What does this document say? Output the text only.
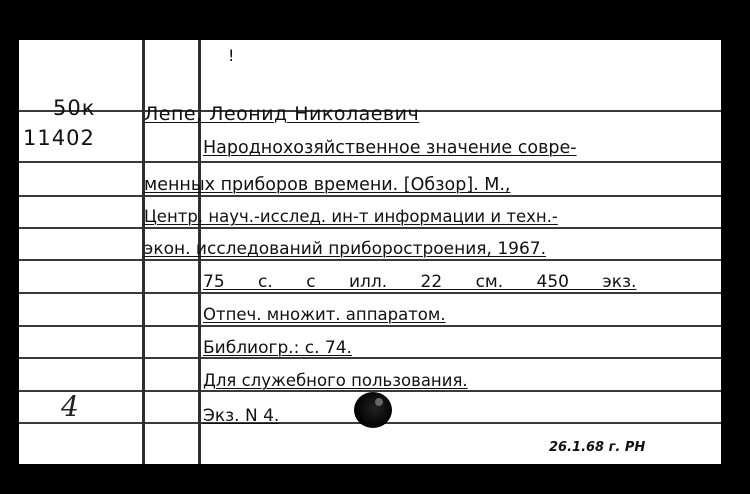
50к
11402
!
Лепе, Леонид Николаевич
Народнохозяйственное значение совре-
менных приборов времени. [Обзор]. М.,
Центр. науч.-исслед. ин-т информации и техн.-
экон. исследований приборостроения, 1967.
75 с. с илл. 22 см. 450 экз.
Отпеч. множит. аппаратом.
Библиогр.: с. 74.
Для служебного пользования.
Экз. N 4.
4
26.1.68 г. РН
